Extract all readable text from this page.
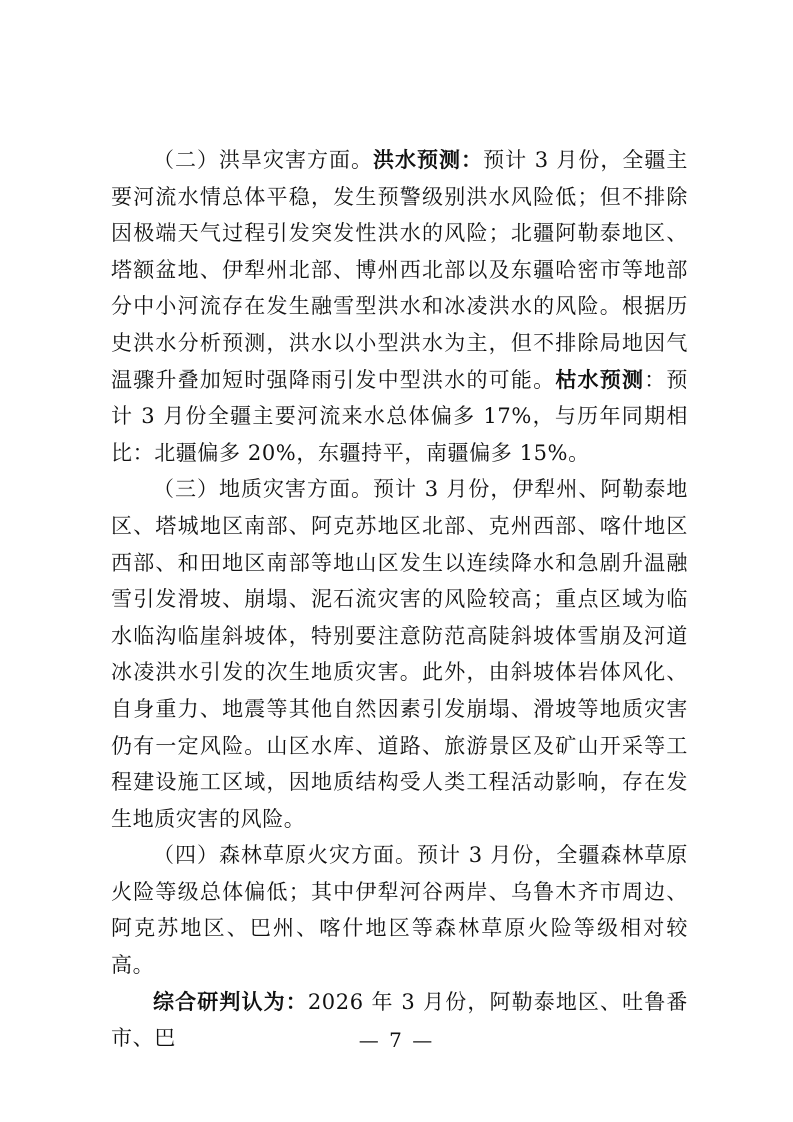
（二）洪旱灾害方面。洪水预测：预计 3 月份，全疆主要河流水情总体平稳，发生预警级别洪水风险低；但不排除因极端天气过程引发突发性洪水的风险；北疆阿勒泰地区、塔额盆地、伊犁州北部、博州西北部以及东疆哈密市等地部分中小河流存在发生融雪型洪水和冰凌洪水的风险。根据历史洪水分析预测，洪水以小型洪水为主，但不排除局地因气温骤升叠加短时强降雨引发中型洪水的可能。枯水预测：预计 3 月份全疆主要河流来水总体偏多 17%，与历年同期相比：北疆偏多 20%，东疆持平，南疆偏多 15%。

（三）地质灾害方面。预计 3 月份，伊犁州、阿勒泰地区、塔城地区南部、阿克苏地区北部、克州西部、喀什地区西部、和田地区南部等地山区发生以连续降水和急剧升温融雪引发滑坡、崩塌、泥石流灾害的风险较高；重点区域为临水临沟临崖斜坡体，特别要注意防范高陡斜坡体雪崩及河道冰凌洪水引发的次生地质灾害。此外，由斜坡体岩体风化、自身重力、地震等其他自然因素引发崩塌、滑坡等地质灾害仍有一定风险。山区水库、道路、旅游景区及矿山开采等工程建设施工区域，因地质结构受人类工程活动影响，存在发生地质灾害的风险。

（四）森林草原火灾方面。预计 3 月份，全疆森林草原火险等级总体偏低；其中伊犁河谷两岸、乌鲁木齐市周边、阿克苏地区、巴州、喀什地区等森林草原火险等级相对较高。

综合研判认为：2026 年 3 月份，阿勒泰地区、吐鲁番市、巴	— 7 —
